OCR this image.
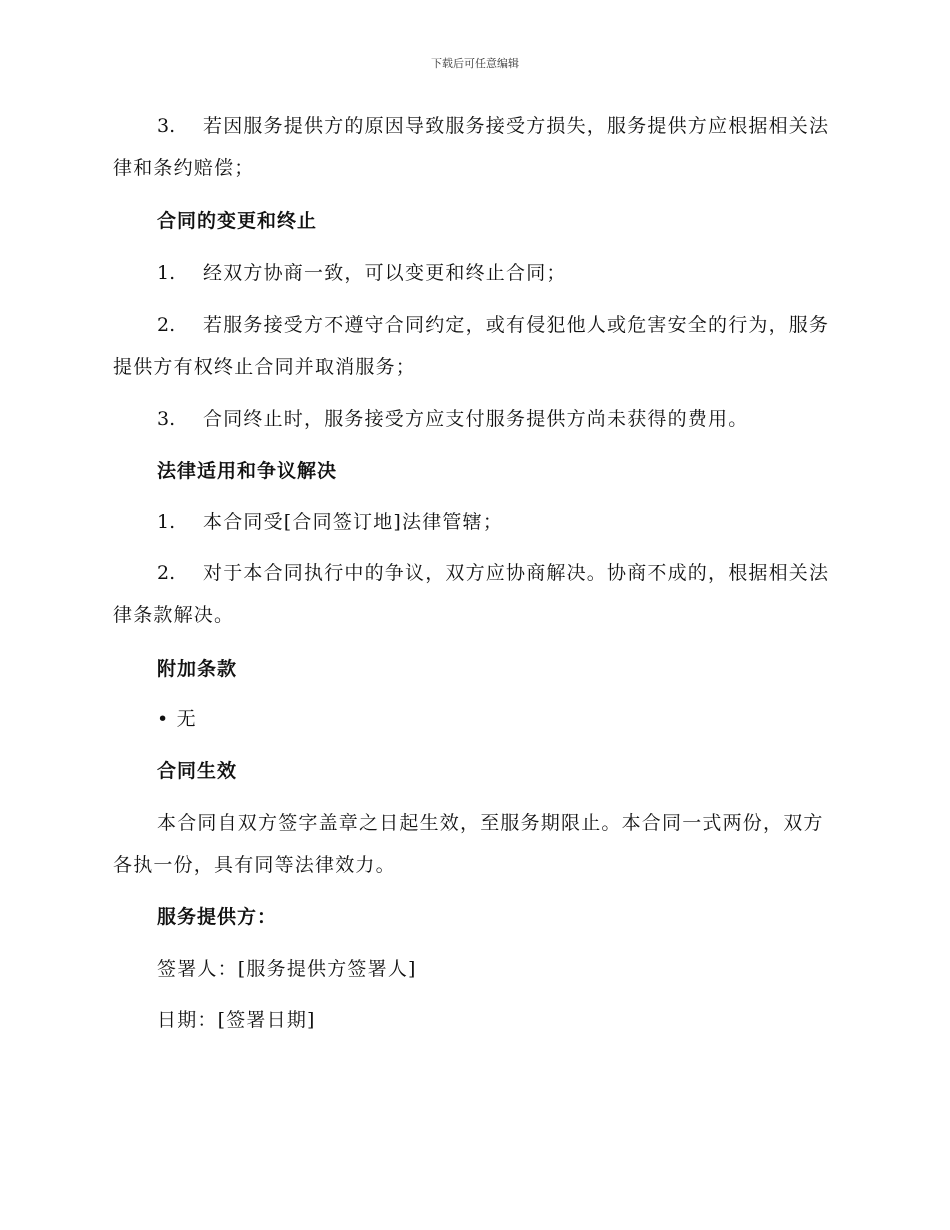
下载后可任意编辑
3. 若因服务提供方的原因导致服务接受方损失，服务提供方应根据相关法律和条约赔偿；
合同的变更和终止
1. 经双方协商一致，可以变更和终止合同；
2. 若服务接受方不遵守合同约定，或有侵犯他人或危害安全的行为，服务提供方有权终止合同并取消服务；
3. 合同终止时，服务接受方应支付服务提供方尚未获得的费用。
法律适用和争议解决
1. 本合同受[合同签订地]法律管辖；
2. 对于本合同执行中的争议，双方应协商解决。协商不成的，根据相关法律条款解决。
附加条款
• 无
合同生效
本合同自双方签字盖章之日起生效，至服务期限止。本合同一式两份，双方各执一份，具有同等法律效力。
服务提供方：
签署人：[服务提供方签署人]
日期：[签署日期]
